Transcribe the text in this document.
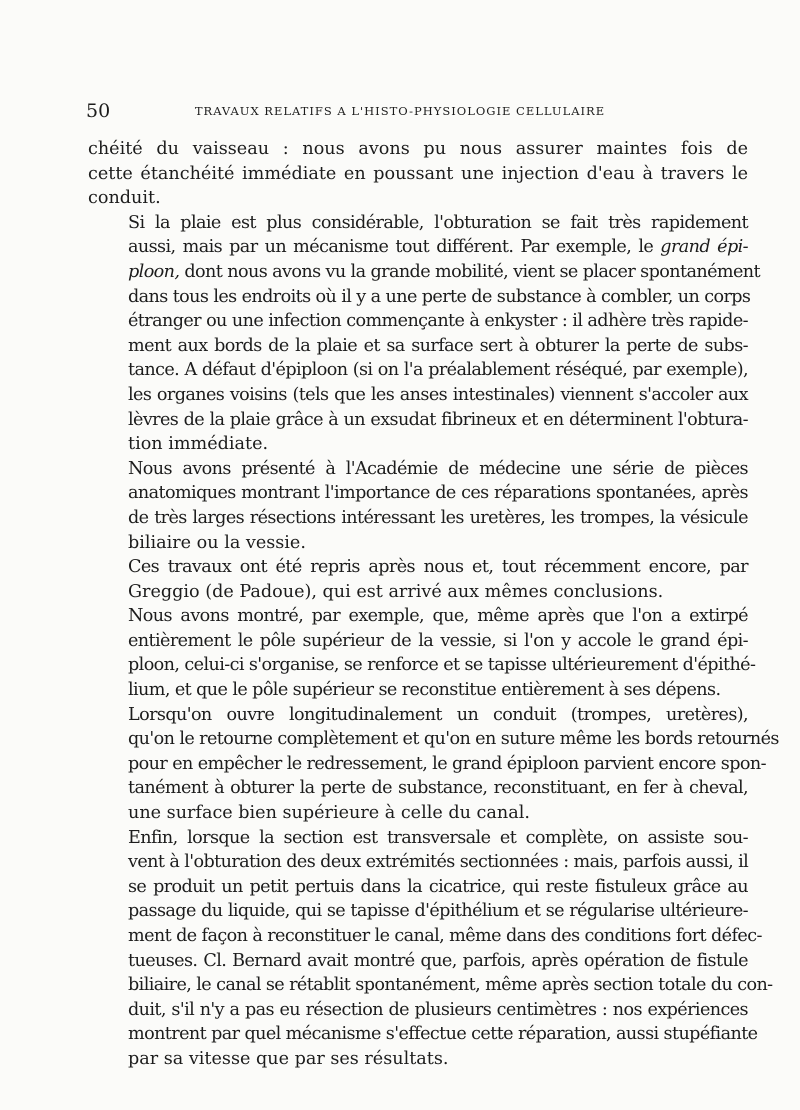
50	TRAVAUX RELATIFS A L'HISTO-PHYSIOLOGIE CELLULAIRE

chéité du vaisseau : nous avons pu nous assurer maintes fois de
cette étanchéité immédiate en poussant une injection d'eau à travers le
conduit.

Si la plaie est plus considérable, l'obturation se fait très rapidement
aussi, mais par un mécanisme tout différent. Par exemple, le grand épi-
ploon, dont nous avons vu la grande mobilité, vient se placer spontanément
dans tous les endroits où il y a une perte de substance à combler, un corps
étranger ou une infection commençante à enkyster : il adhère très rapide-
ment aux bords de la plaie et sa surface sert à obturer la perte de subs-
tance. A défaut d'épiploon (si on l'a préalablement réséqué, par exemple),
les organes voisins (tels que les anses intestinales) viennent s'accoler aux
lèvres de la plaie grâce à un exsudat fibrineux et en déterminent l'obtura-
tion immédiate.

Nous avons présenté à l'Académie de médecine une série de pièces
anatomiques montrant l'importance de ces réparations spontanées, après
de très larges résections intéressant les uretères, les trompes, la vésicule
biliaire ou la vessie.

Ces travaux ont été repris après nous et, tout récemment encore, par
Greggio (de Padoue), qui est arrivé aux mêmes conclusions.

Nous avons montré, par exemple, que, même après que l'on a extirpé
entièrement le pôle supérieur de la vessie, si l'on y accole le grand épi-
ploon, celui-ci s'organise, se renforce et se tapisse ultérieurement d'épithé-
lium, et que le pôle supérieur se reconstitue entièrement à ses dépens.

Lorsqu'on ouvre longitudinalement un conduit (trompes, uretères),
qu'on le retourne complètement et qu'on en suture même les bords retournés
pour en empêcher le redressement, le grand épiploon parvient encore spon-
tanément à obturer la perte de substance, reconstituant, en fer à cheval,
une surface bien supérieure à celle du canal.

Enfin, lorsque la section est transversale et complète, on assiste sou-
vent à l'obturation des deux extrémités sectionnées : mais, parfois aussi, il
se produit un petit pertuis dans la cicatrice, qui reste fistuleux grâce au
passage du liquide, qui se tapisse d'épithélium et se régularise ultérieure-
ment de façon à reconstituer le canal, même dans des conditions fort défec-
tueuses. Cl. Bernard avait montré que, parfois, après opération de fistule
biliaire, le canal se rétablit spontanément, même après section totale du con-
duit, s'il n'y a pas eu résection de plusieurs centimètres : nos expériences
montrent par quel mécanisme s'effectue cette réparation, aussi stupéfiante
par sa vitesse que par ses résultats.
